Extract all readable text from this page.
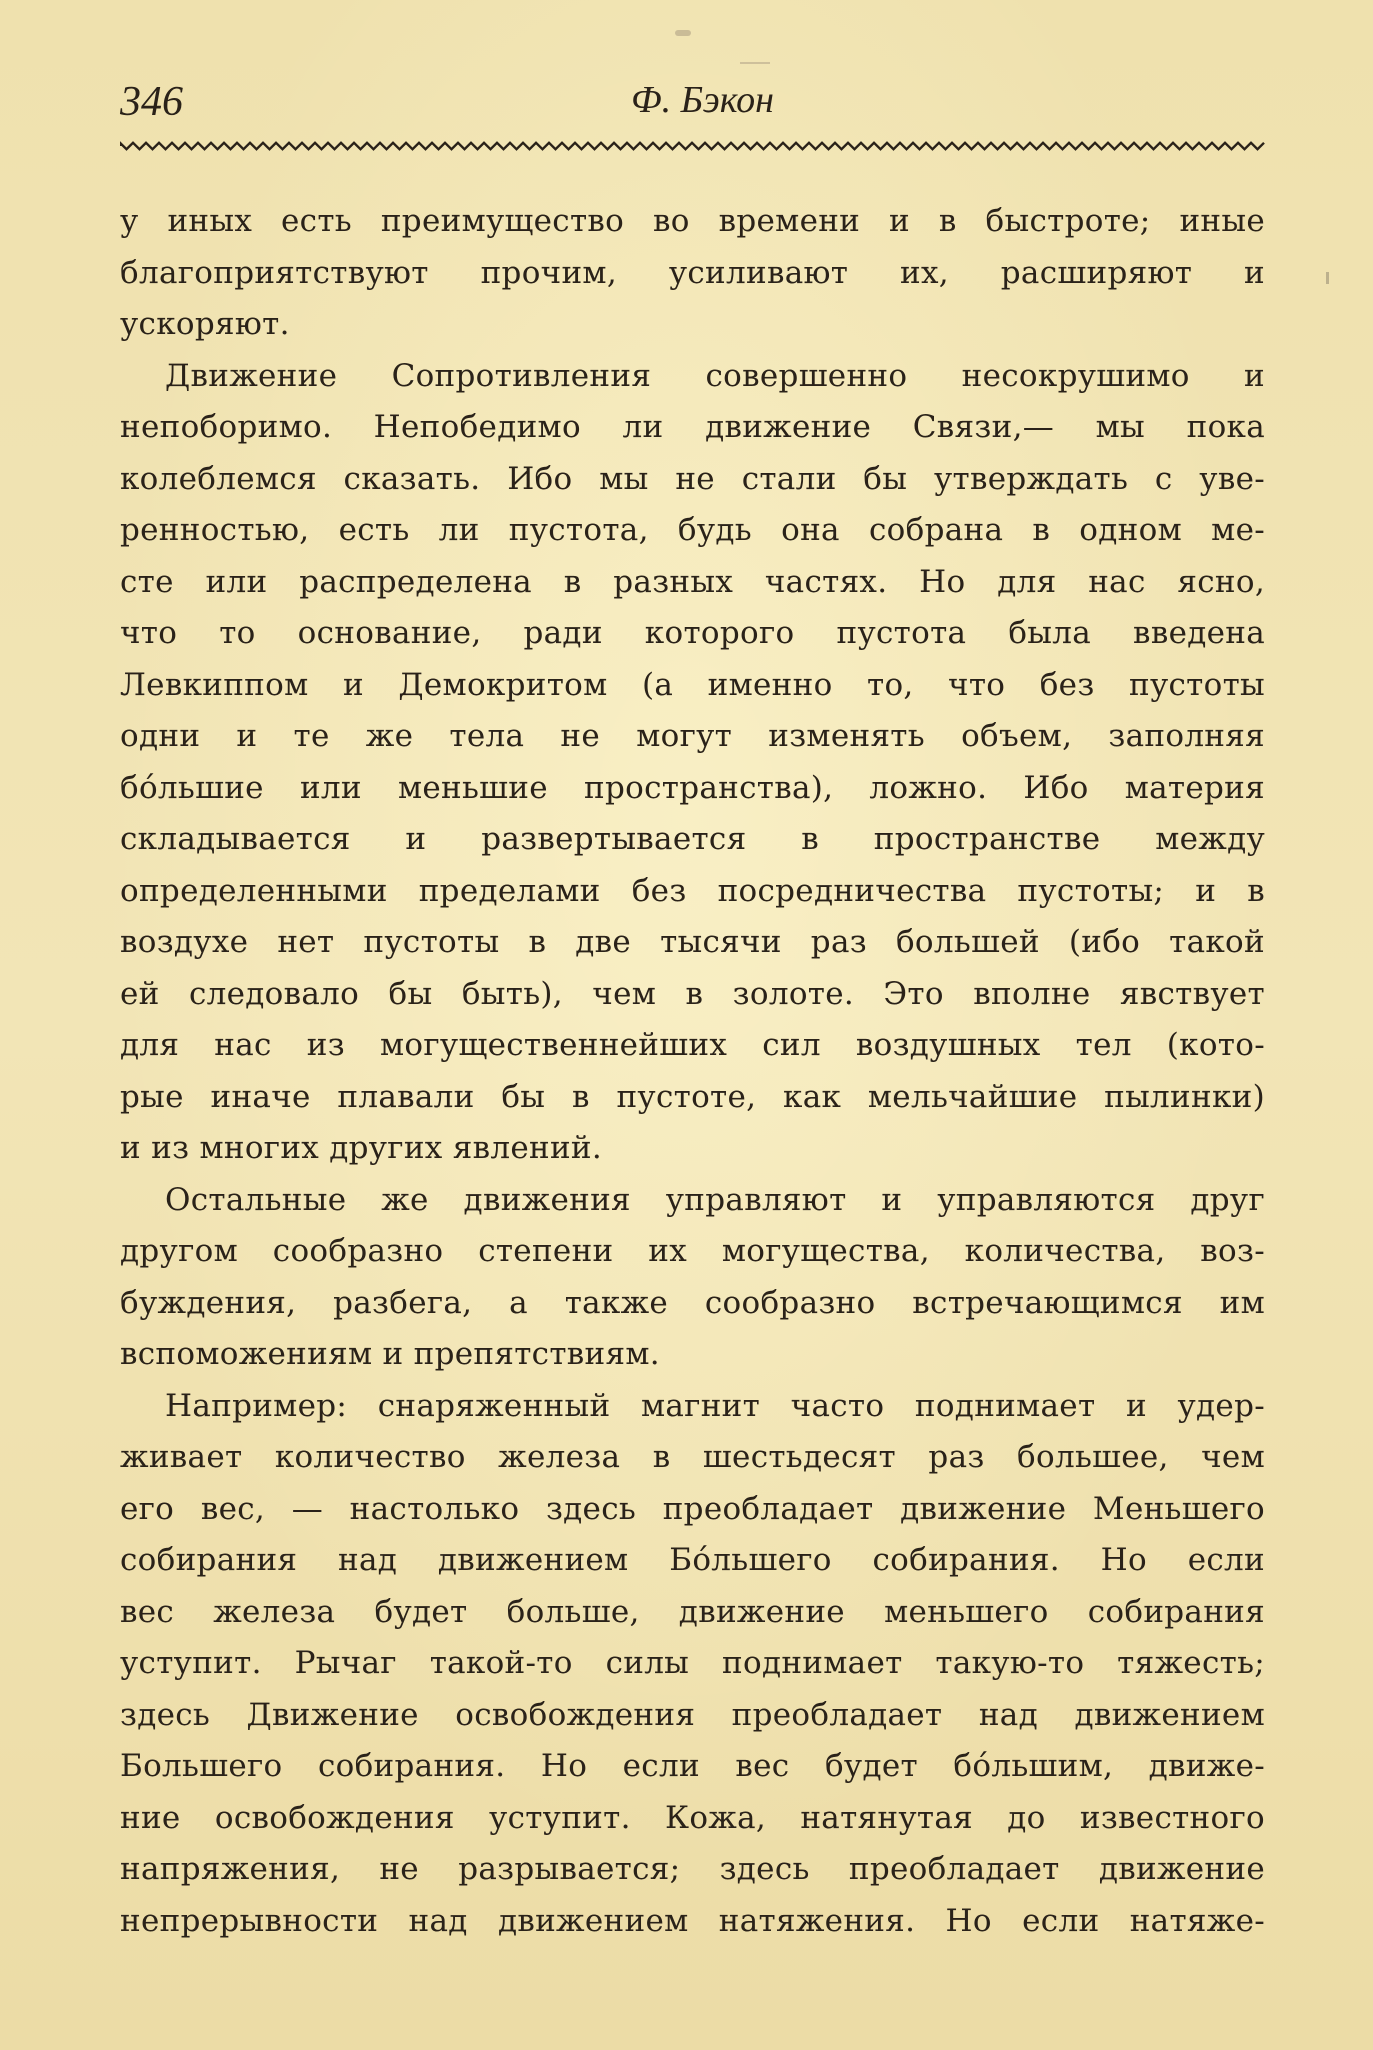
346	Ф. Бэкон
у иных есть преимущество во времени и в быстроте; иные
благоприятствуют прочим, усиливают их, расширяют и
ускоряют.
Движение Сопротивления совершенно несокрушимо и
непоборимо. Непобедимо ли движение Связи,— мы пока
колеблемся сказать. Ибо мы не стали бы утверждать с уве-
ренностью, есть ли пустота, будь она собрана в одном ме-
сте или распределена в разных частях. Но для нас ясно,
что то основание, ради которого пустота была введена
Левкиппом и Демокритом (а именно то, что без пустоты
одни и те же тела не могут изменять объем, заполняя
бóльшие или меньшие пространства), ложно. Ибо материя
складывается и развертывается в пространстве между
определенными пределами без посредничества пустоты; и в
воздухе нет пустоты в две тысячи раз большей (ибо такой
ей следовало бы быть), чем в золоте. Это вполне явствует
для нас из могущественнейших сил воздушных тел (кото-
рые иначе плавали бы в пустоте, как мельчайшие пылинки)
и из многих других явлений.
Остальные же движения управляют и управляются друг
другом сообразно степени их могущества, количества, воз-
буждения, разбега, а также сообразно встречающимся им
вспоможениям и препятствиям.
Например: снаряженный магнит часто поднимает и удер-
живает количество железа в шестьдесят раз большее, чем
его вес, — настолько здесь преобладает движение Меньшего
собирания над движением Бóльшего собирания. Но если
вес железа будет больше, движение меньшего собирания
уступит. Рычаг такой-то силы поднимает такую-то тяжесть;
здесь Движение освобождения преобладает над движением
Большего собирания. Но если вес будет бóльшим, движе-
ние освобождения уступит. Кожа, натянутая до известного
напряжения, не разрывается; здесь преобладает движение
непрерывности над движением натяжения. Но если натяже-
